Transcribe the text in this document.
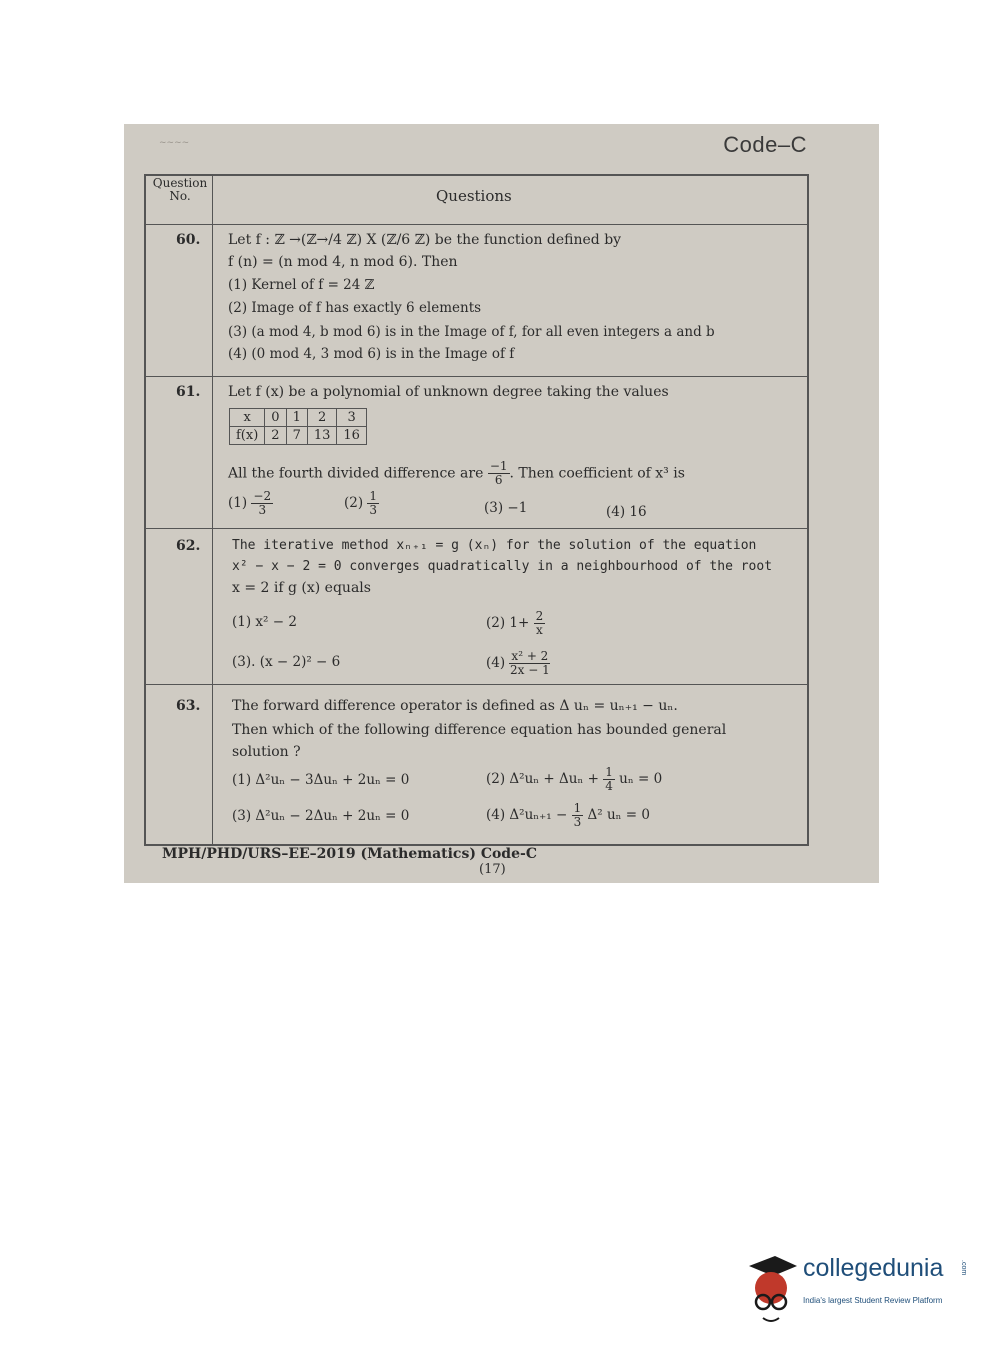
~~~~	Code–C
Question No.	Questions
60. Let f : ℤ →(ℤ→/4 ℤ) X (ℤ/6 ℤ) be the function defined by
f (n) = (n mod 4, n mod 6). Then
(1) Kernel of f = 24 ℤ
(2) Image of f has exactly 6 elements
(3) (a mod 4, b mod 6) is in the Image of f, for all even integers a and b
(4) (0 mod 4, 3 mod 6) is in the Image of f
61. Let f (x) be a polynomial of unknown degree taking the values
x	0	1	2	3
f(x)	2	7	13	16
All the fourth divided difference are $\frac{-1}{6}$ . Then coefficient of x³ is
$(1) \frac{-2}{3}$	$(2) \frac{1}{3}$	(3) −1	(4) 16
62. The iterative method xₙ₊₁ = g (xₙ) for the solution of the equation
x² − x − 2 = 0 converges quadratically in a neighbourhood of the root
x = 2 if g (x) equals
(1) x² − 2	(2) $1+ \frac{2}{x}$
(3). (x − 2)² − 6	$(4) \frac{\text{x² + 2}}{2x - 1}$
63. The forward difference operator is defined as Δ uₙ = uₙ₊₁ − uₙ.
Then which of the following difference equation has bounded general
solution ?
(1) Δ²uₙ − 3Δuₙ + 2uₙ = 0	(2) $\Delta^2u_n + \Delta u_n + \frac{1}{4}$ uₙ = 0
(3) Δ²uₙ − 2Δuₙ + 2uₙ = 0	(4) $\Delta^2u_{n+1} - \frac{1}{3} \Delta^2$ uₙ = 0
MPH/PHD/URS–EE–2019 (Mathematics) Code-C
(17)
collegedunia .com
India's largest Student Review Platform
